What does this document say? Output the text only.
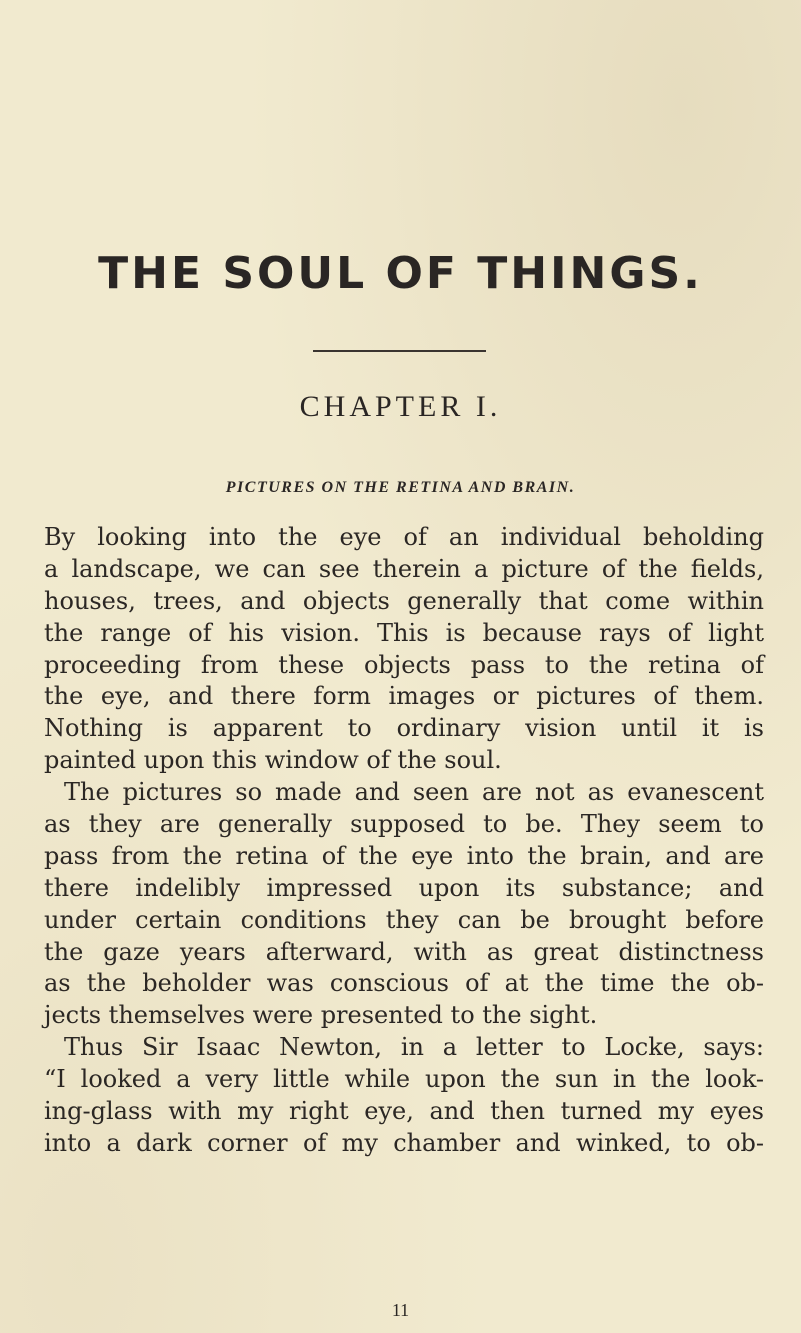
THE SOUL OF THINGS.
CHAPTER I.
PICTURES ON THE RETINA AND BRAIN.

By looking into the eye of an individual beholding
a landscape, we can see therein a picture of the fields,
houses, trees, and objects generally that come within
the range of his vision. This is because rays of light
proceeding from these objects pass to the retina of
the eye, and there form images or pictures of them.
Nothing is apparent to ordinary vision until it is
painted upon this window of the soul.

The pictures so made and seen are not as evanescent
as they are generally supposed to be. They seem to
pass from the retina of the eye into the brain, and are
there indelibly impressed upon its substance; and
under certain conditions they can be brought before
the gaze years afterward, with as great distinctness
as the beholder was conscious of at the time the ob-
jects themselves were presented to the sight.

Thus Sir Isaac Newton, in a letter to Locke, says:
“I looked a very little while upon the sun in the look-
ing-glass with my right eye, and then turned my eyes
into a dark corner of my chamber and winked, to ob-

11
